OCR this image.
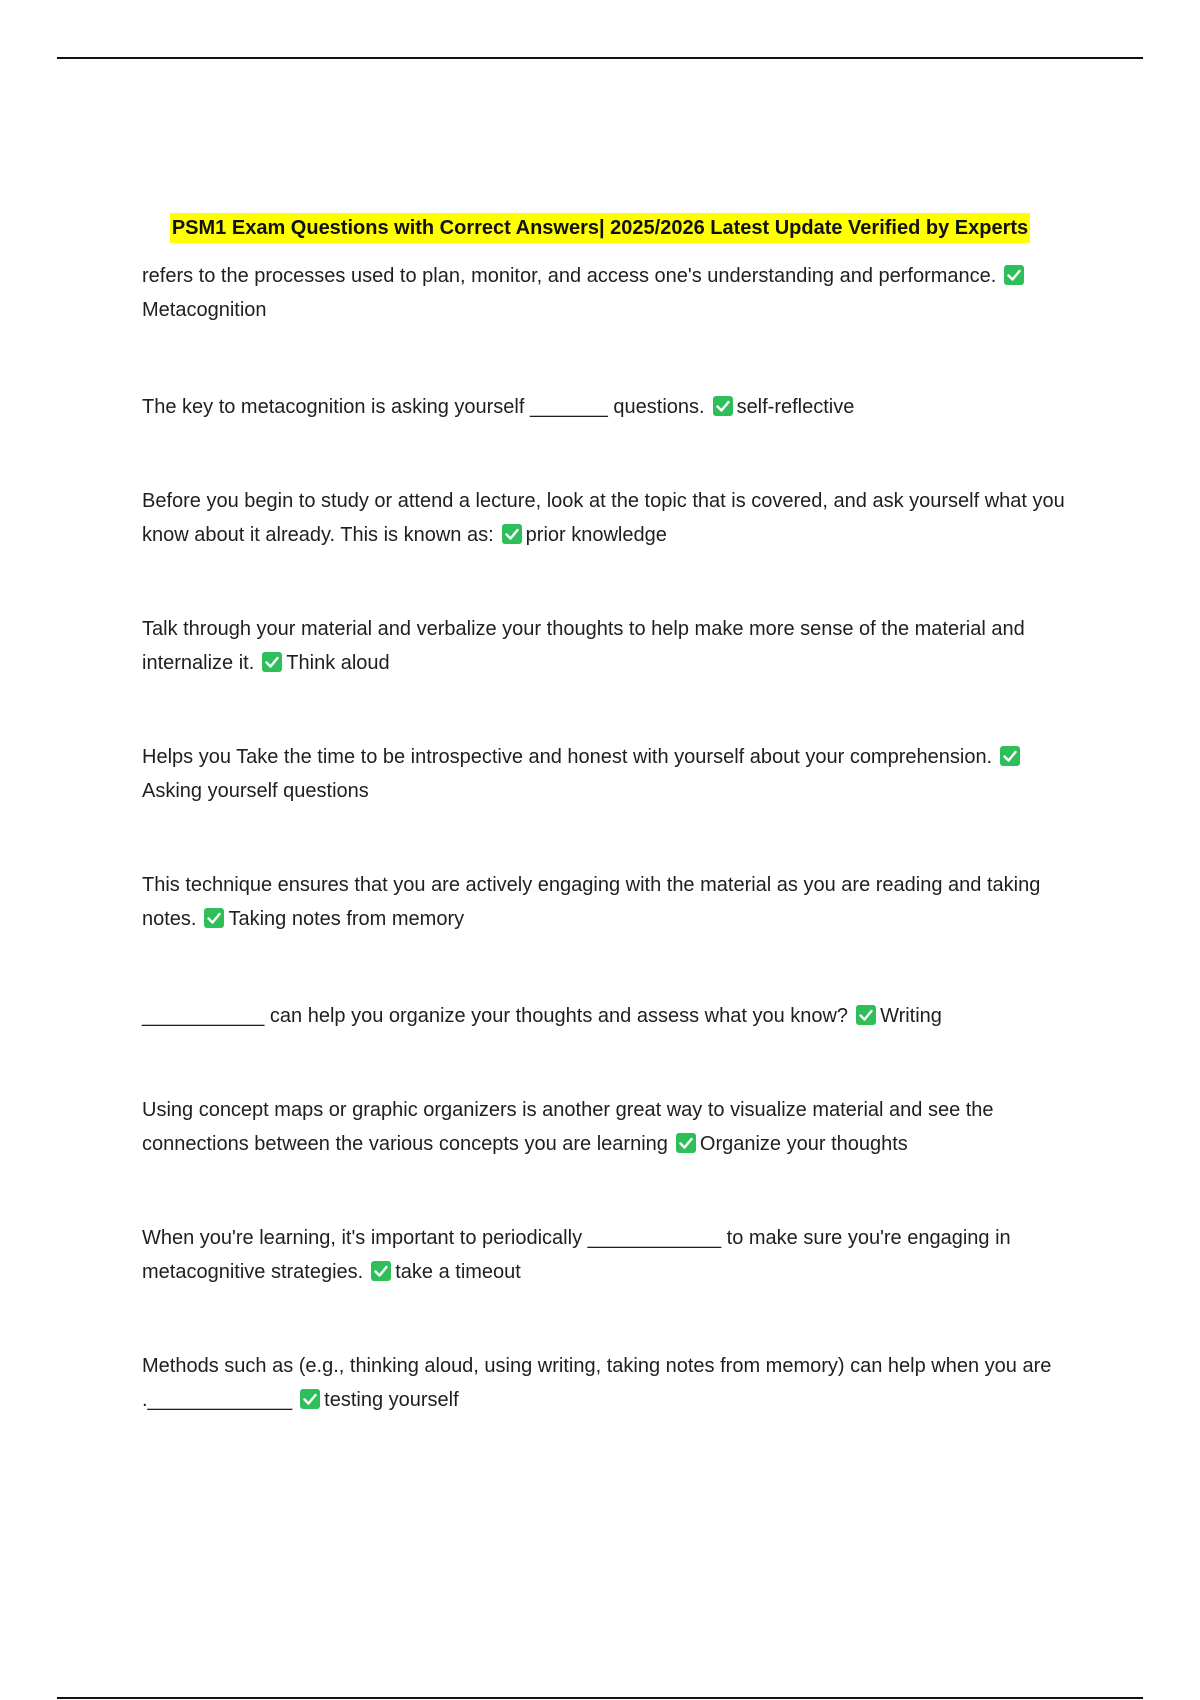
PSM1 Exam Questions with Correct Answers| 2025/2026 Latest Update Verified by Experts
refers to the processes used to plan, monitor, and access one's understanding and performance.
Metacognition
The key to metacognition is asking yourself _______ questions. self-reflective
Before you begin to study or attend a lecture, look at the topic that is covered, and ask yourself what you know about it already. This is known as: prior knowledge
Talk through your material and verbalize your thoughts to help make more sense of the material and internalize it. Think aloud
Helps you Take the time to be introspective and honest with yourself about your comprehension.
Asking yourself questions
This technique ensures that you are actively engaging with the material as you are reading and taking notes. Taking notes from memory
___________ can help you organize your thoughts and assess what you know? Writing
Using concept maps or graphic organizers is another great way to visualize material and see the connections between the various concepts you are learning Organize your thoughts
When you're learning, it's important to periodically ____________ to make sure you're engaging in metacognitive strategies. take a timeout
Methods such as (e.g., thinking aloud, using writing, taking notes from memory) can help when you are ._____________ testing yourself
